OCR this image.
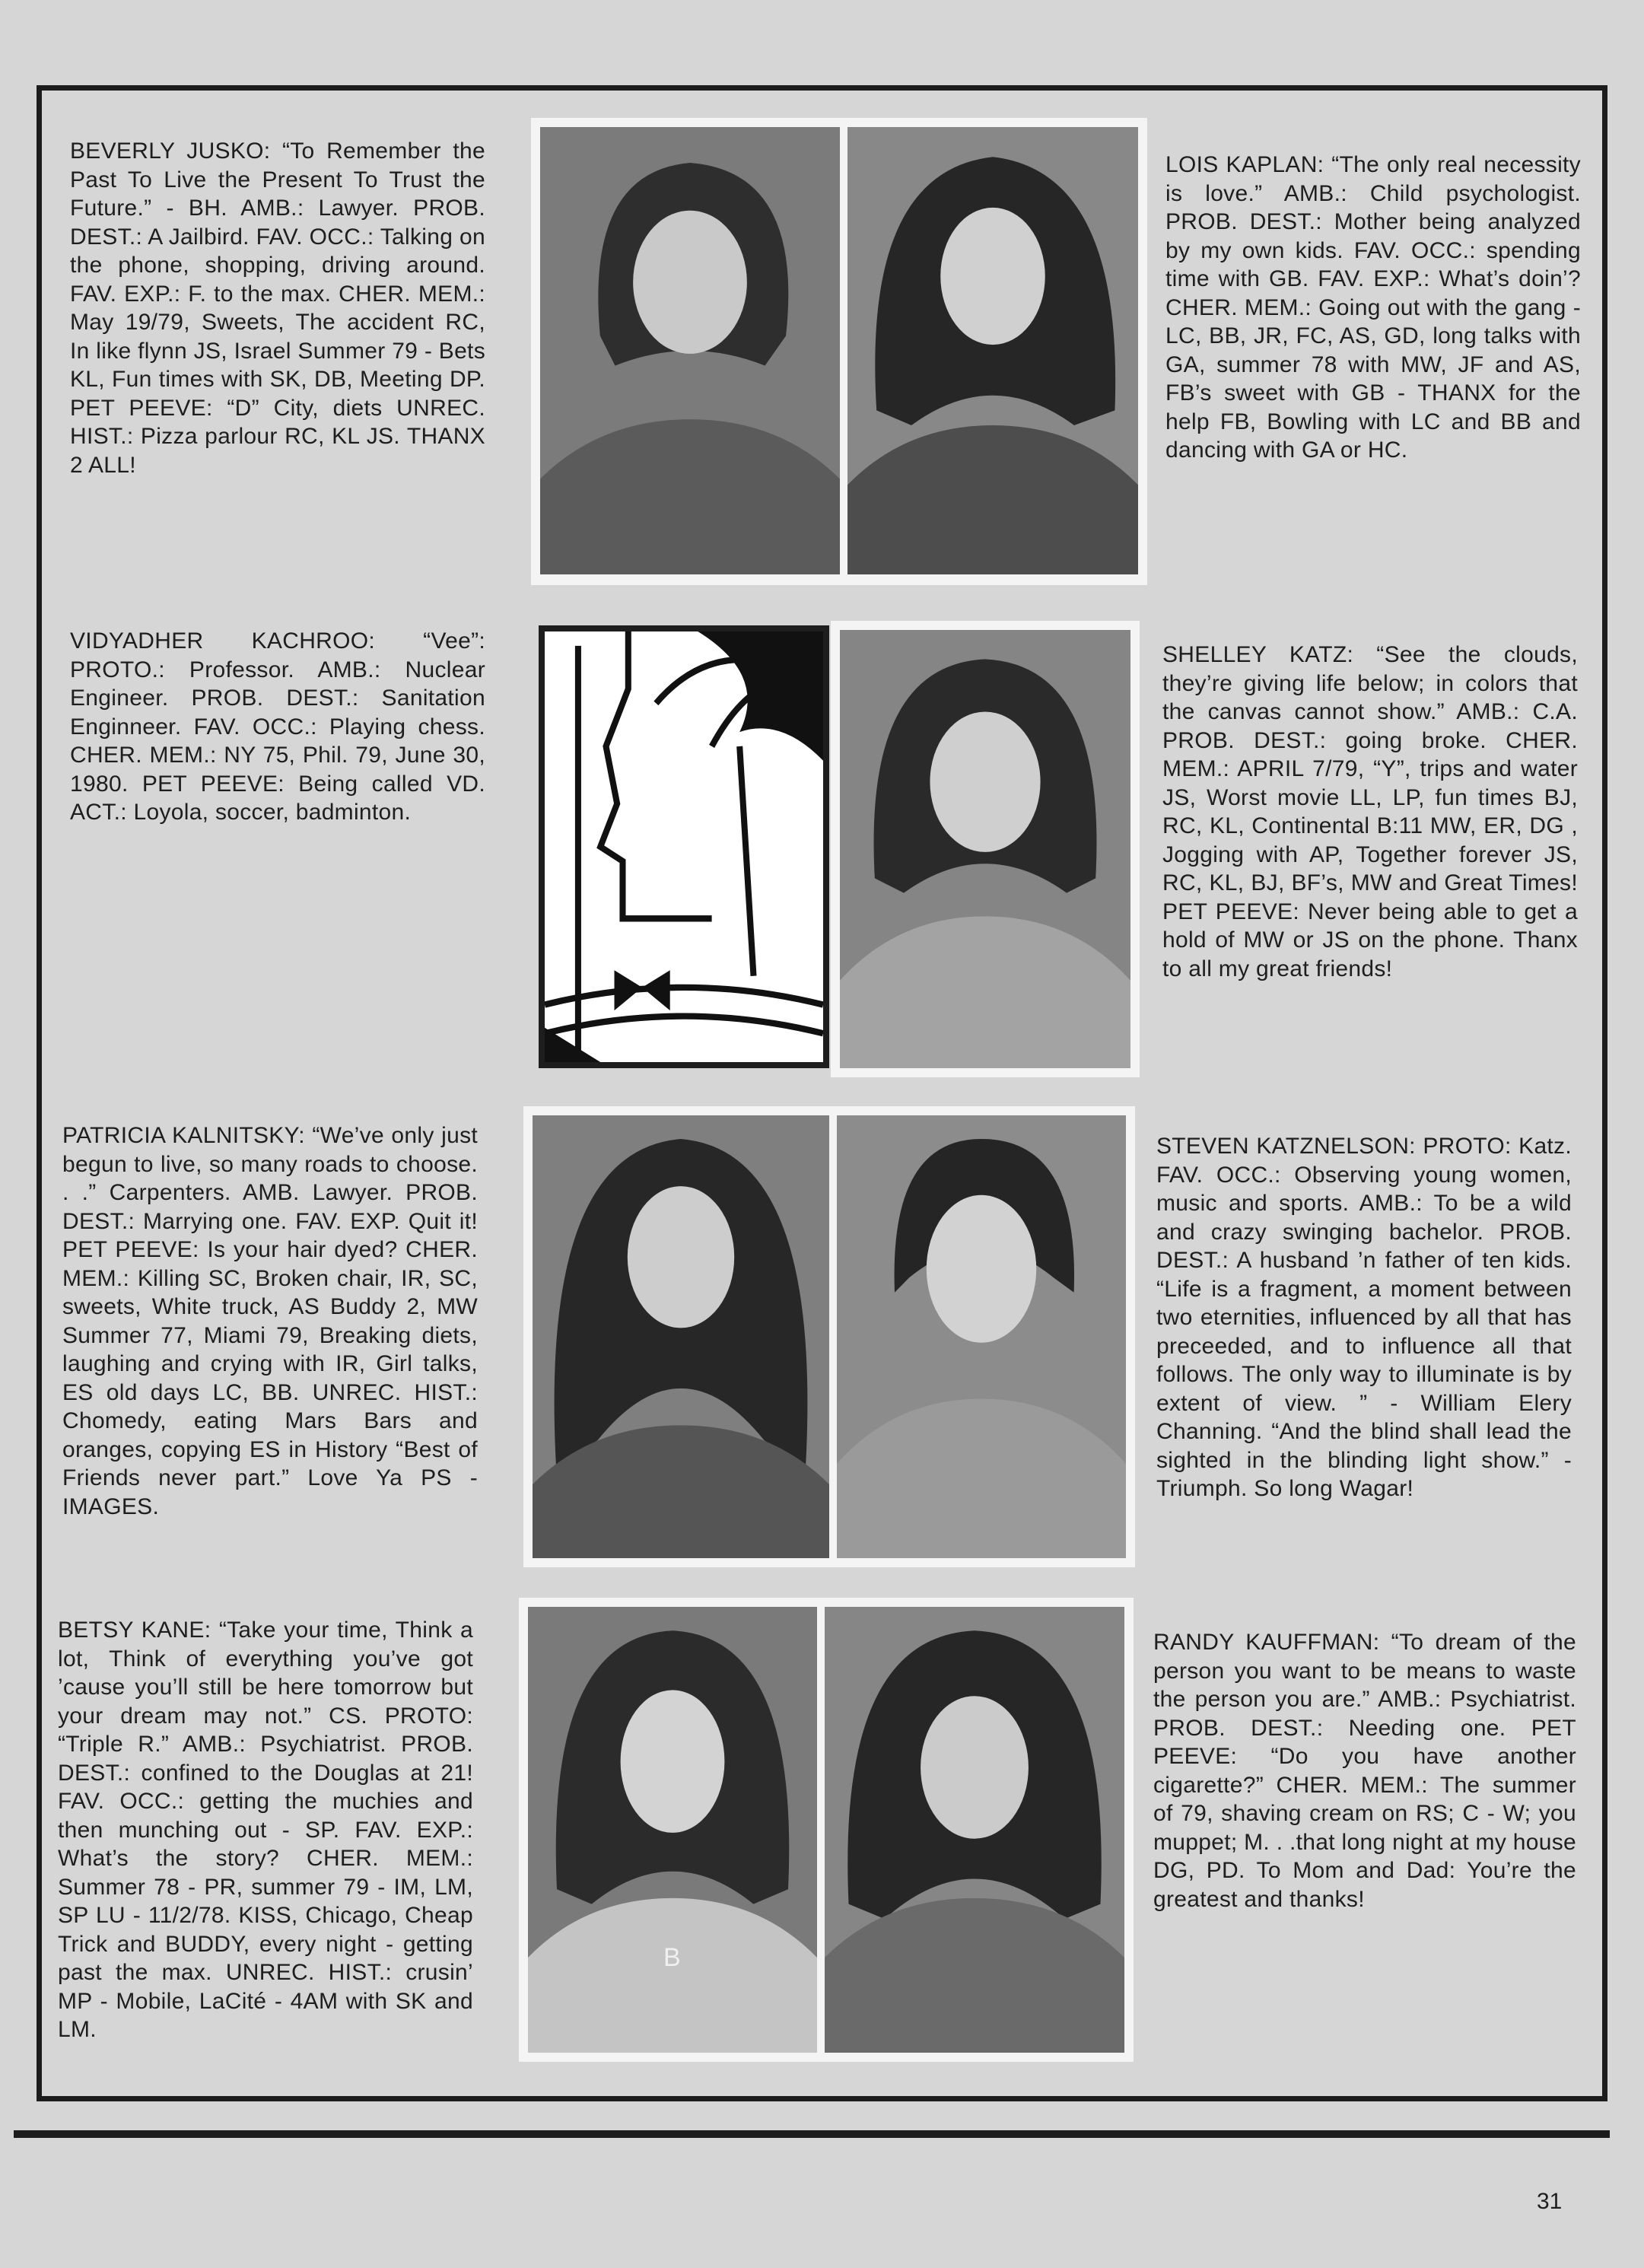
BEVERLY JUSKO: “To Remember the Past To Live the Present To Trust the Future.” - BH. AMB.: Lawyer. PROB. DEST.: A Jailbird. FAV. OCC.: Talking on the phone, shopping, driving around. FAV. EXP.: F. to the max. CHER. MEM.: May 19/79, Sweets, The accident RC, In like flynn JS, Israel Summer 79 - Bets KL, Fun times with SK, DB, Meeting DP. PET PEEVE: “D” City, diets UNREC. HIST.: Pizza parlour RC, KL JS. THANX 2 ALL!
LOIS KAPLAN: “The only real necessity is love.” AMB.: Child psychologist. PROB. DEST.: Mother being analyzed by my own kids. FAV. OCC.: spending time with GB. FAV. EXP.: What’s doin’? CHER. MEM.: Going out with the gang - LC, BB, JR, FC, AS, GD, long talks with GA, summer 78 with MW, JF and AS, FB’s sweet with GB - THANX for the help FB, Bowling with LC and BB and dancing with GA or HC.
VIDYADHER KACHROO: “Vee”: PROTO.: Professor. AMB.: Nuclear Engineer. PROB. DEST.: Sanitation Enginneer. FAV. OCC.: Playing chess. CHER. MEM.: NY 75, Phil. 79, June 30, 1980. PET PEEVE: Being called VD. ACT.: Loyola, soccer, badminton.
SHELLEY KATZ: “See the clouds, they’re giving life below; in colors that the canvas cannot show.” AMB.: C.A. PROB. DEST.: going broke. CHER. MEM.: APRIL 7/79, “Y”, trips and water JS, Worst movie LL, LP, fun times BJ, RC, KL, Continental B:11 MW, ER, DG , Jogging with AP, Together forever JS, RC, KL, BJ, BF’s, MW and Great Times! PET PEEVE: Never being able to get a hold of MW or JS on the phone. Thanx to all my great friends!
PATRICIA KALNITSKY: “We’ve only just begun to live, so many roads to choose. . .” Carpenters. AMB. Lawyer. PROB. DEST.: Marrying one. FAV. EXP. Quit it! PET PEEVE: Is your hair dyed? CHER. MEM.: Killing SC, Broken chair, IR, SC, sweets, White truck, AS Buddy 2, MW Summer 77, Miami 79, Breaking diets, laughing and crying with IR, Girl talks, ES old days LC, BB. UNREC. HIST.: Chomedy, eating Mars Bars and oranges, copying ES in History “Best of Friends never part.” Love Ya PS - IMAGES.
STEVEN KATZNELSON: PROTO: Katz. FAV. OCC.: Observing young women, music and sports. AMB.: To be a wild and crazy swinging bachelor. PROB. DEST.: A husband ’n father of ten kids. “Life is a fragment, a moment between two eternities, influenced by all that has preceeded, and to influence all that follows. The only way to illuminate is by extent of view. ” - William Elery Channing. “And the blind shall lead the sighted in the blinding light show.” - Triumph. So long Wagar!
BETSY KANE: “Take your time, Think a lot, Think of everything you’ve got ’cause you’ll still be here tomorrow but your dream may not.” CS. PROTO: “Triple R.” AMB.: Psychiatrist. PROB. DEST.: confined to the Douglas at 21! FAV. OCC.: getting the muchies and then munching out - SP. FAV. EXP.: What’s the story? CHER. MEM.: Summer 78 - PR, summer 79 - IM, LM, SP LU - 11/2/78. KISS, Chicago, Cheap Trick and BUDDY, every night - getting past the max. UNREC. HIST.: crusin’ MP - Mobile, LaCité - 4AM with SK and LM.
B
RANDY KAUFFMAN: “To dream of the person you want to be means to waste the person you are.” AMB.: Psychiatrist. PROB. DEST.: Needing one. PET PEEVE: “Do you have another cigarette?” CHER. MEM.: The summer of 79, shaving cream on RS; C - W; you muppet; M. . .that long night at my house DG, PD. To Mom and Dad: You’re the greatest and thanks!
31
